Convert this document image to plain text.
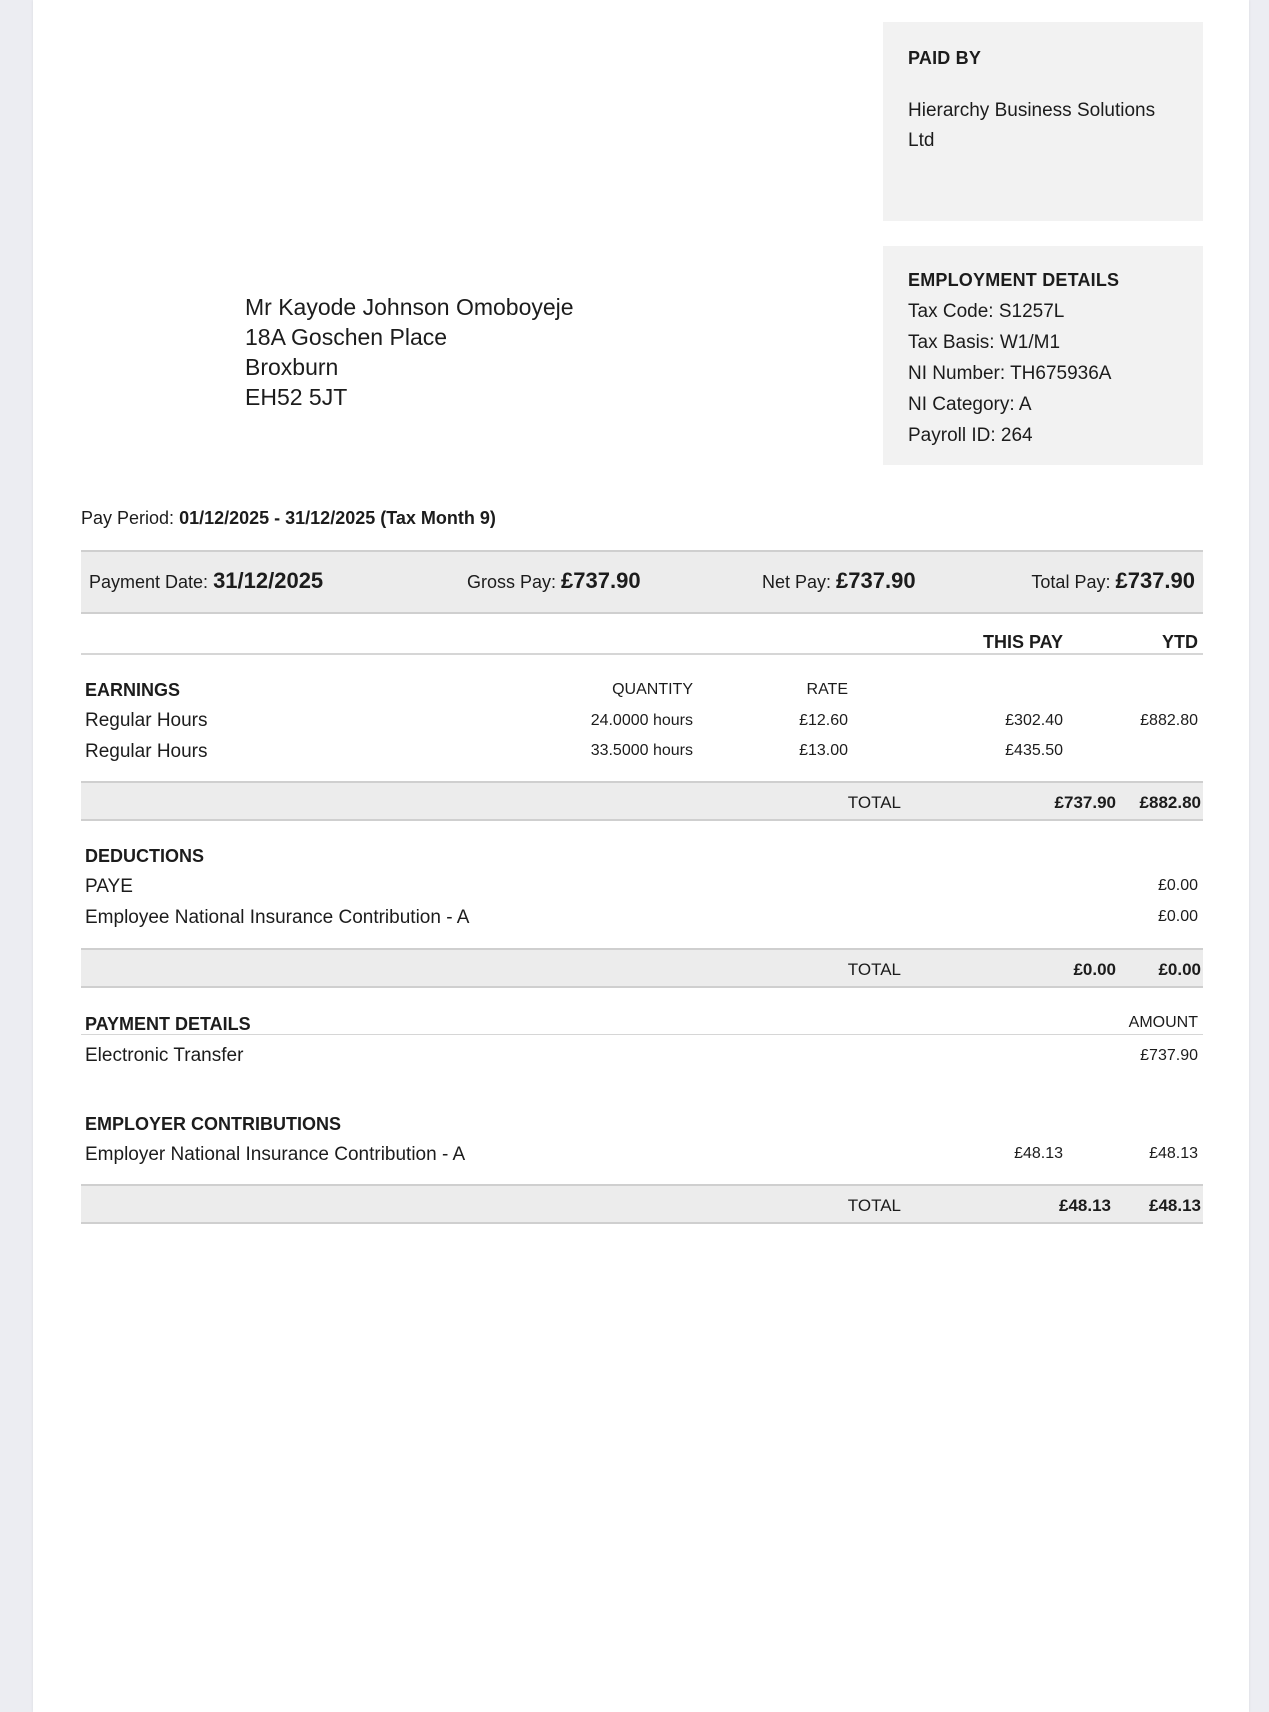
PAID BY
Hierarchy Business Solutions
Ltd
EMPLOYMENT DETAILS
Tax Code: S1257L
Tax Basis: W1/M1
NI Number: TH675936A
NI Category: A
Payroll ID: 264
Mr Kayode Johnson Omoboyeje
18A Goschen Place
Broxburn
EH52 5JT
Pay Period: 01/12/2025 - 31/12/2025 (Tax Month 9)
Payment Date: 31/12/2025	Gross Pay: £737.90	Net Pay: £737.90	Total Pay: £737.90
THIS PAY	YTD
EARNINGS	QUANTITY	RATE
Regular Hours	24.0000 hours	£12.60	£302.40	£882.80
Regular Hours	33.5000 hours	£13.00	£435.50
TOTAL	£737.90	£882.80
DEDUCTIONS
PAYE	£0.00
Employee National Insurance Contribution - A	£0.00
TOTAL	£0.00	£0.00
PAYMENT DETAILS	AMOUNT
Electronic Transfer	£737.90
EMPLOYER CONTRIBUTIONS
Employer National Insurance Contribution - A	£48.13	£48.13
TOTAL	£48.13	£48.13
